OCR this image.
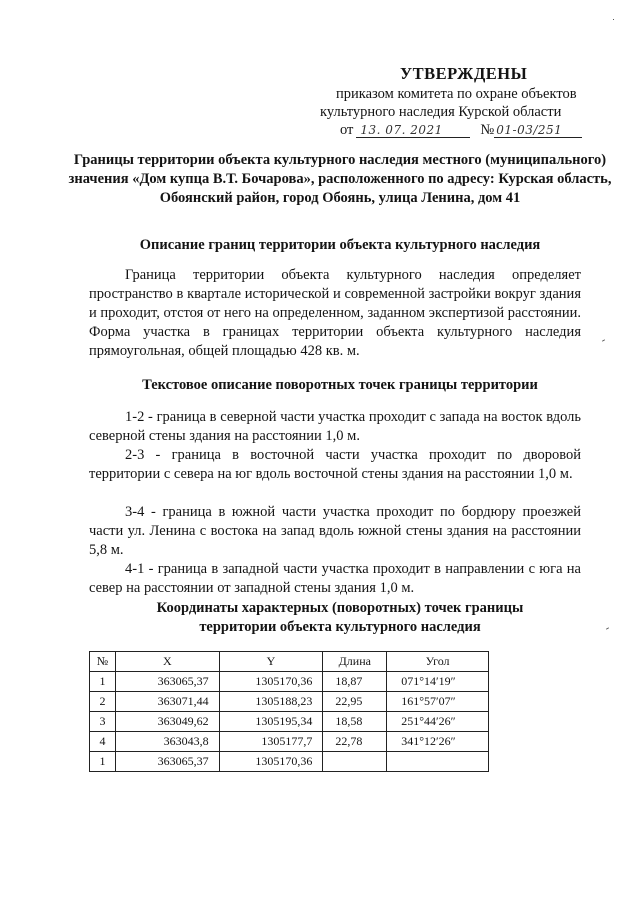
УТВЕРЖДЕНЫ
приказом комитета по охране объектов
культурного наследия Курской области
от 13. 07. 2021	№ 01-03/251
Границы территории объекта культурного наследия местного (муниципального) значения «Дом купца В.Т. Бочарова», расположенного по адресу: Курская область, Обоянский район, город Обоянь, улица Ленина, дом 41
Описание границ территории объекта культурного наследия

Граница территории объекта культурного наследия определяет пространство в квартале исторической и современной застройки вокруг здания и проходит, отстоя от него на определенном, заданном экспертизой расстоянии. Форма участка в границах территории объекта культурного наследия прямоугольная, общей площадью 428 кв. м.

Текстовое описание поворотных точек границы территории

1-2 - граница в северной части участка проходит с запада на восток вдоль северной стены здания на расстоянии 1,0 м.

2-3 - граница в восточной части участка проходит по дворовой территории с севера на юг вдоль восточной стены здания на расстоянии 1,0 м.

3-4 - граница в южной части участка проходит по бордюру проезжей части ул. Ленина с востока на запад вдоль южной стены здания на расстоянии 5,8 м.

4-1 - граница в западной части участка проходит в направлении с юга на север на расстоянии от западной стены здания 1,0 м.

Координаты характерных (поворотных) точек границы территории объекта культурного наследия
№	X	Y	Длина	Угол
1	363065,37	1305170,36	18,87	071°14′19″
2	363071,44	1305188,23	22,95	161°57′07″
3	363049,62	1305195,34	18,58	251°44′26″
4	363043,8	1305177,7	22,78	341°12′26″
1	363065,37	1305170,36		
